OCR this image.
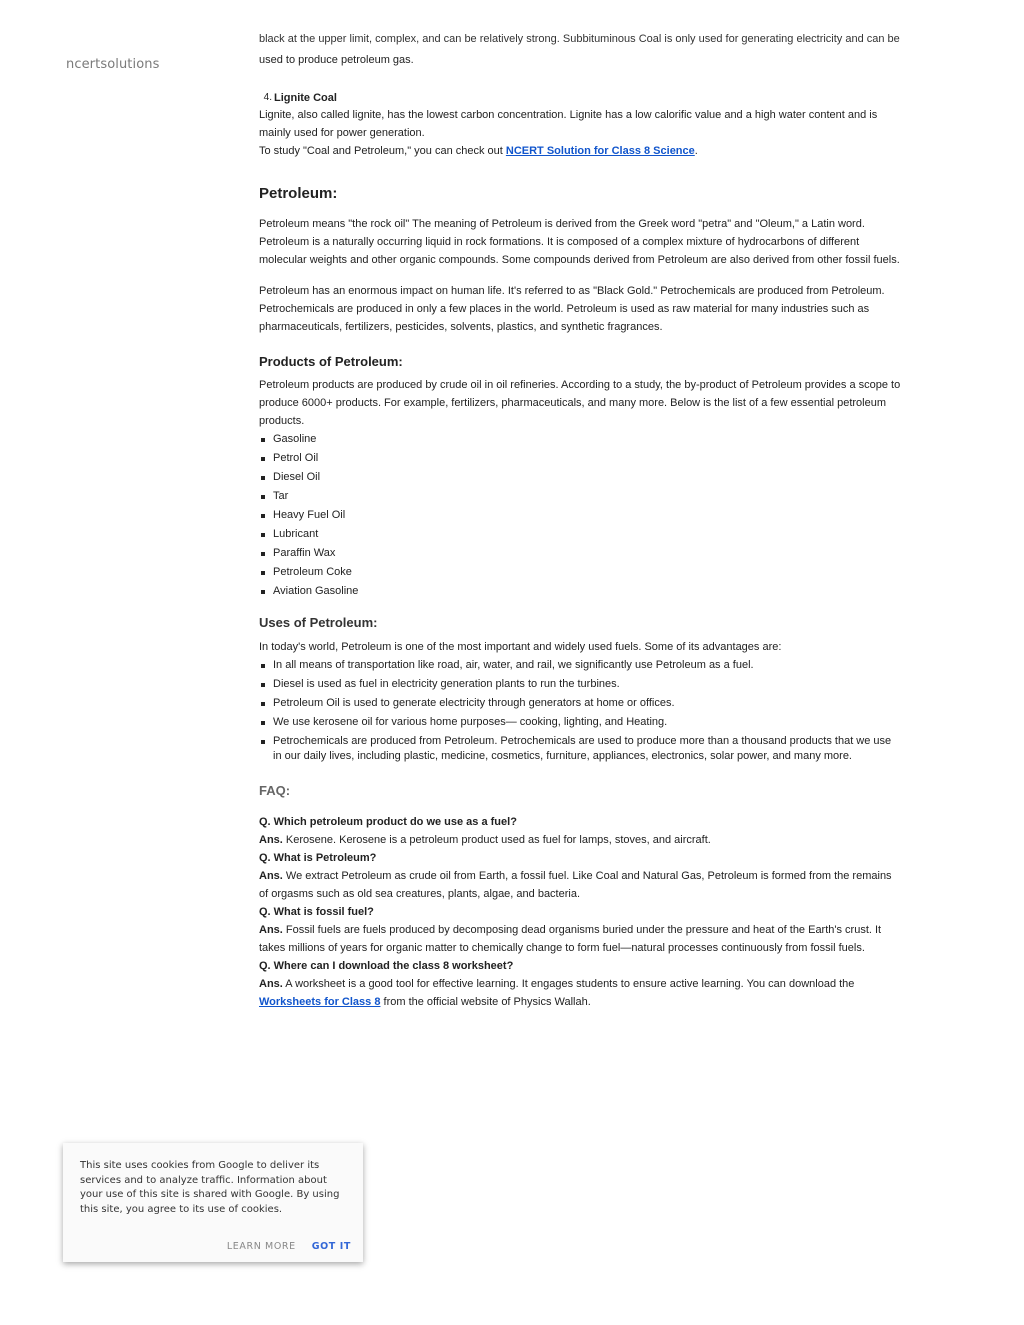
ncertsolutions
black at the upper limit, complex, and can be relatively strong. Subbituminous Coal is only used for generating electricity and can be

used to produce petroleum gas.

4. Lignite Coal

Lignite, also called lignite, has the lowest carbon concentration. Lignite has a low calorific value and a high water content and is mainly used for power generation.

To study "Coal and Petroleum," you can check out NCERT Solution for Class 8 Science.

Petroleum:

Petroleum means "the rock oil" The meaning of Petroleum is derived from the Greek word "petra" and "Oleum," a Latin word. Petroleum is a naturally occurring liquid in rock formations. It is composed of a complex mixture of hydrocarbons of different molecular weights and other organic compounds. Some compounds derived from Petroleum are also derived from other fossil fuels.

Petroleum has an enormous impact on human life. It's referred to as "Black Gold." Petrochemicals are produced from Petroleum. Petrochemicals are produced in only a few places in the world. Petroleum is used as raw material for many industries such as pharmaceuticals, fertilizers, pesticides, solvents, plastics, and synthetic fragrances.

Products of Petroleum:

Petroleum products are produced by crude oil in oil refineries. According to a study, the by-product of Petroleum provides a scope to produce 6000+ products. For example, fertilizers, pharmaceuticals, and many more. Below is the list of a few essential petroleum products.

Gasoline
Petrol Oil
Diesel Oil
Tar
Heavy Fuel Oil
Lubricant
Paraffin Wax
Petroleum Coke
Aviation Gasoline
Uses of Petroleum:

In today's world, Petroleum is one of the most important and widely used fuels. Some of its advantages are:

In all means of transportation like road, air, water, and rail, we significantly use Petroleum as a fuel.
Diesel is used as fuel in electricity generation plants to run the turbines.
Petroleum Oil is used to generate electricity through generators at home or offices.
We use kerosene oil for various home purposes— cooking, lighting, and Heating.
Petrochemicals are produced from Petroleum. Petrochemicals are used to produce more than a thousand products that we use in our daily lives, including plastic, medicine, cosmetics, furniture, appliances, electronics, solar power, and many more.
FAQ:

Q. Which petroleum product do we use as a fuel?

Ans. Kerosene. Kerosene is a petroleum product used as fuel for lamps, stoves, and aircraft.

Q. What is Petroleum?

Ans. We extract Petroleum as crude oil from Earth, a fossil fuel. Like Coal and Natural Gas, Petroleum is formed from the remains of orgasms such as old sea creatures, plants, algae, and bacteria.

Q. What is fossil fuel?

Ans. Fossil fuels are fuels produced by decomposing dead organisms buried under the pressure and heat of the Earth's crust. It takes millions of years for organic matter to chemically change to form fuel—natural processes continuously from fossil fuels.

Q. Where can I download the class 8 worksheet?

Ans. A worksheet is a good tool for effective learning. It engages students to ensure active learning. You can download the Worksheets for Class 8 from the official website of Physics Wallah.

This site uses cookies from Google to deliver its services and to analyze traffic. Information about your use of this site is shared with Google. By using this site, you agree to its use of cookies.
LEARN MORE GOT IT
